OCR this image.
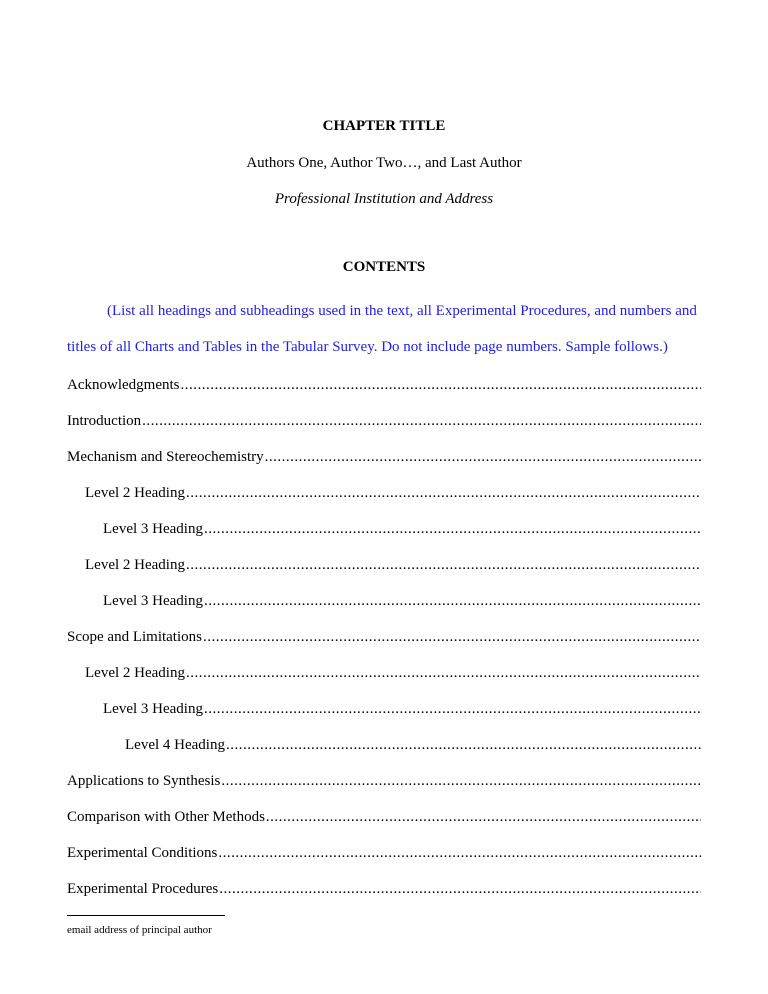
CHAPTER TITLE
Authors One, Author Two…, and Last Author
Professional Institution and Address
CONTENTS

(List all headings and subheadings used in the text, all Experimental Procedures, and numbers and titles of all Charts and Tables in the Tabular Survey. Do not include page numbers. Sample follows.)

Acknowledgments
.....
Introduction
.....
Mechanism and Stereochemistry
.....
Level 2 Heading
.....
Level 3 Heading
.....
Level 2 Heading
.....
Level 3 Heading
.....
Scope and Limitations
.....
Level 2 Heading
.....
Level 3 Heading
.....
Level 4 Heading
.....
Applications to Synthesis
.....
Comparison with Other Methods
.....
Experimental Conditions
.....
Experimental Procedures
.....
email address of principal author
